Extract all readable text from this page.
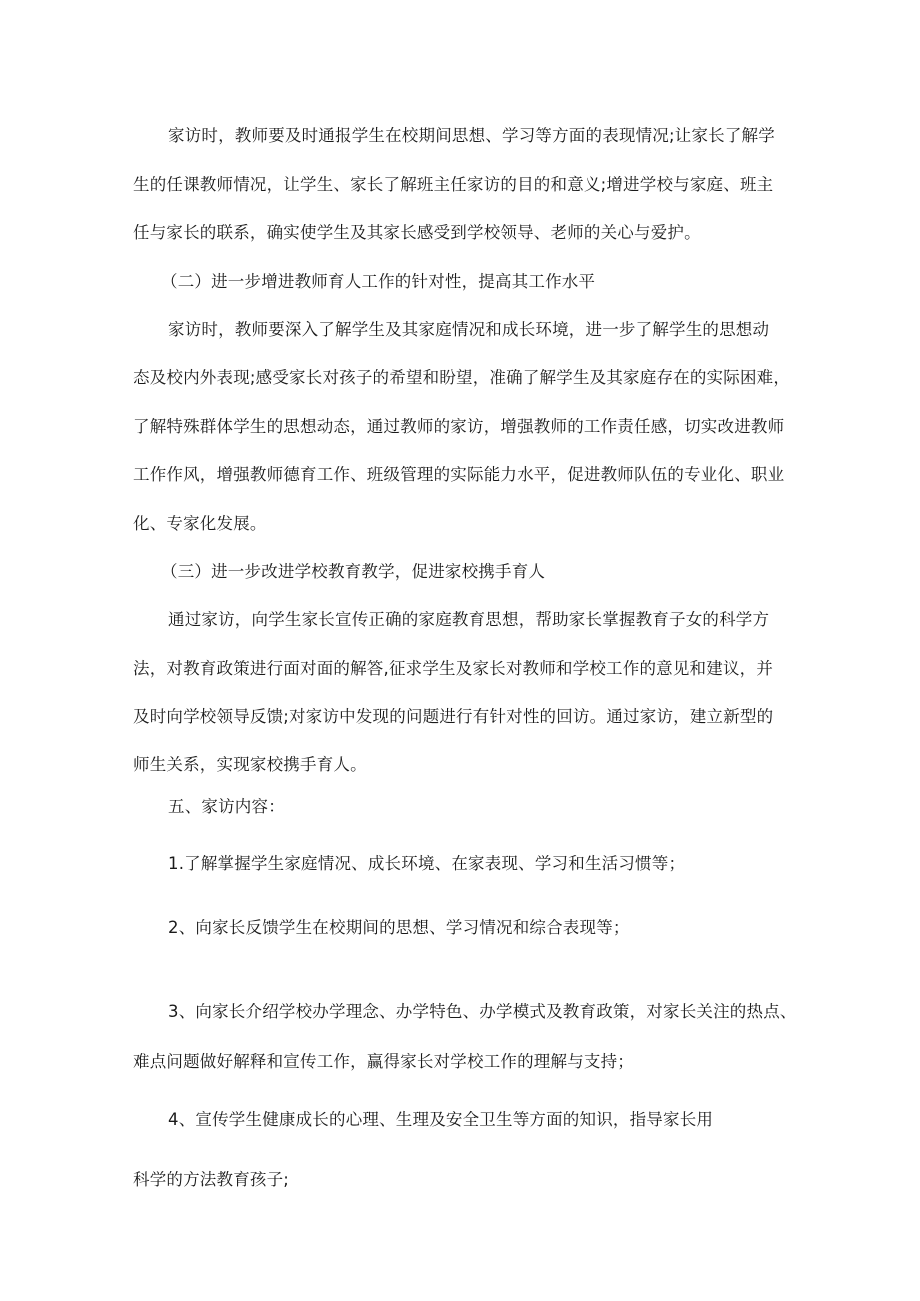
家访时，教师要及时通报学生在校期间思想、学习等方面的表现情况;让家长了解学
生的任课教师情况，让学生、家长了解班主任家访的目的和意义;增进学校与家庭、班主
任与家长的联系，确实使学生及其家长感受到学校领导、老师的关心与爱护。
（二）进一步增进教师育人工作的针对性，提高其工作水平
家访时，教师要深入了解学生及其家庭情况和成长环境，进一步了解学生的思想动
态及校内外表现;感受家长对孩子的希望和盼望，准确了解学生及其家庭存在的实际困难，
了解特殊群体学生的思想动态，通过教师的家访，增强教师的工作责任感，切实改进教师
工作作风，增强教师德育工作、班级管理的实际能力水平，促进教师队伍的专业化、职业
化、专家化发展。
（三）进一步改进学校教育教学，促进家校携手育人
通过家访，向学生家长宣传正确的家庭教育思想，帮助家长掌握教育子女的科学方
法，对教育政策进行面对面的解答,征求学生及家长对教师和学校工作的意见和建议，并
及时向学校领导反馈;对家访中发现的问题进行有针对性的回访。通过家访，建立新型的
师生关系，实现家校携手育人。
五、家访内容：
1.了解掌握学生家庭情况、成长环境、在家表现、学习和生活习惯等；
2、向家长反馈学生在校期间的思想、学习情况和综合表现等；
3、向家长介绍学校办学理念、办学特色、办学模式及教育政策，对家长关注的热点、
难点问题做好解释和宣传工作，赢得家长对学校工作的理解与支持；
4、宣传学生健康成长的心理、生理及安全卫生等方面的知识，指导家长用
科学的方法教育孩子;
